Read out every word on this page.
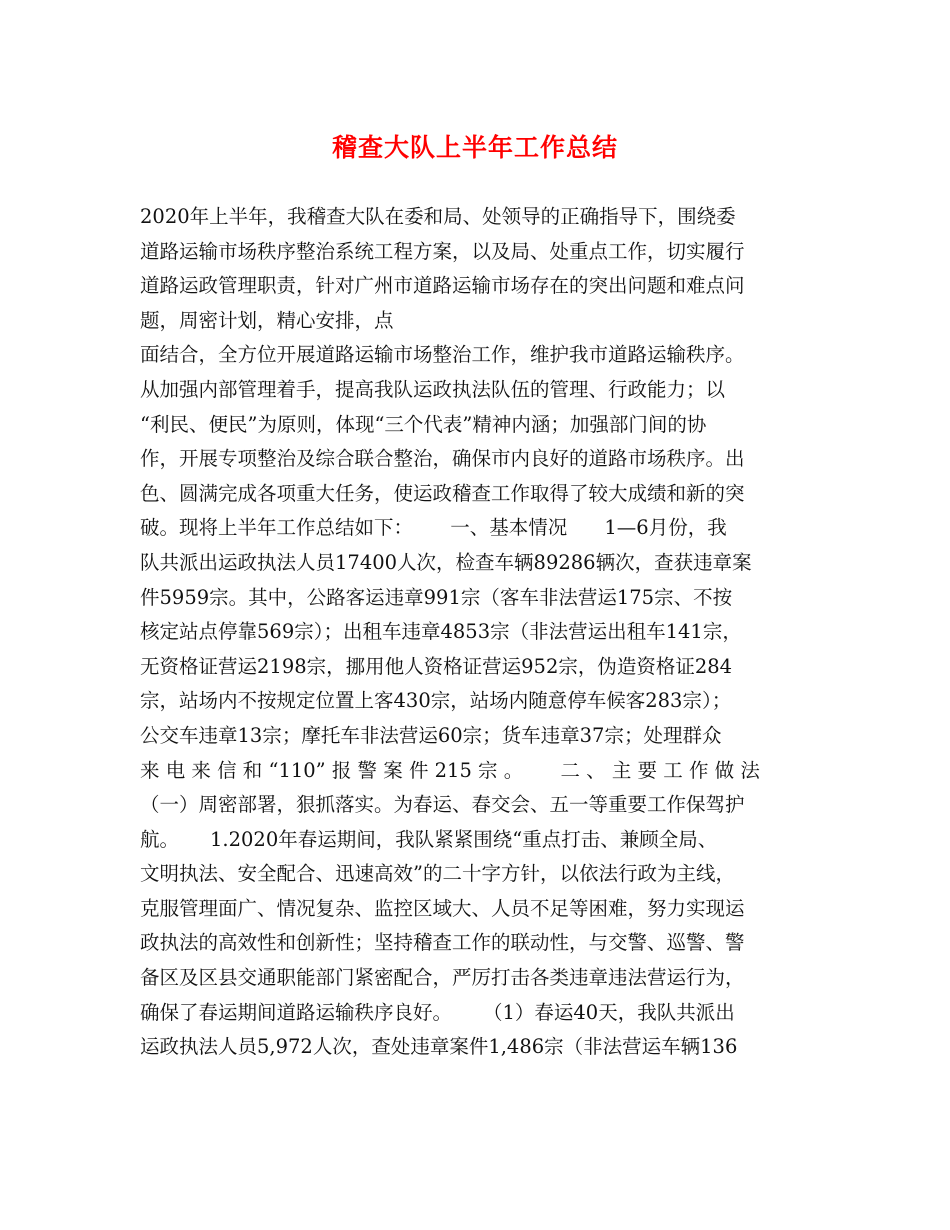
稽查大队上半年工作总结
2020年上半年，我稽查大队在委和局、处领导的正确指导下，围绕委
道路运输市场秩序整治系统工程方案，以及局、处重点工作，切实履行
道路运政管理职责，针对广州市道路运输市场存在的突出问题和难点问
题，周密计划，精心安排，点
面结合，全方位开展道路运输市场整治工作，维护我市道路运输秩序。
从加强内部管理着手，提高我队运政执法队伍的管理、行政能力；以
“利民、便民”为原则，体现“三个代表”精神内涵；加强部门间的协
作，开展专项整治及综合联合整治，确保市内良好的道路市场秩序。出
色、圆满完成各项重大任务，使运政稽查工作取得了较大成绩和新的突
破。现将上半年工作总结如下：      一、基本情况      1—6月份，我
队共派出运政执法人员17400人次，检查车辆89286辆次，查获违章案
件5959宗。其中，公路客运违章991宗（客车非法营运175宗、不按
核定站点停靠569宗）；出租车违章4853宗（非法营运出租车141宗，
无资格证营运2198宗，挪用他人资格证营运952宗，伪造资格证284
宗，站场内不按规定位置上客430宗，站场内随意停车候客283宗）；
公交车违章13宗；摩托车非法营运60宗；货车违章37宗；处理群众
来 电 来 信 和 “110” 报 警 案 件 215 宗 。      二 、 主 要 工 作 做 法
（一）周密部署，狠抓落实。为春运、春交会、五一等重要工作保驾护
航。     1.2020年春运期间，我队紧紧围绕“重点打击、兼顾全局、
文明执法、安全配合、迅速高效”的二十字方针，以依法行政为主线，
克服管理面广、情况复杂、监控区域大、人员不足等困难，努力实现运
政执法的高效性和创新性；坚持稽查工作的联动性，与交警、巡警、警
备区及区县交通职能部门紧密配合，严厉打击各类违章违法营运行为，
确保了春运期间道路运输秩序良好。     （1）春运40天，我队共派出
运政执法人员5,972人次，查处违章案件1,486宗（非法营运车辆136
